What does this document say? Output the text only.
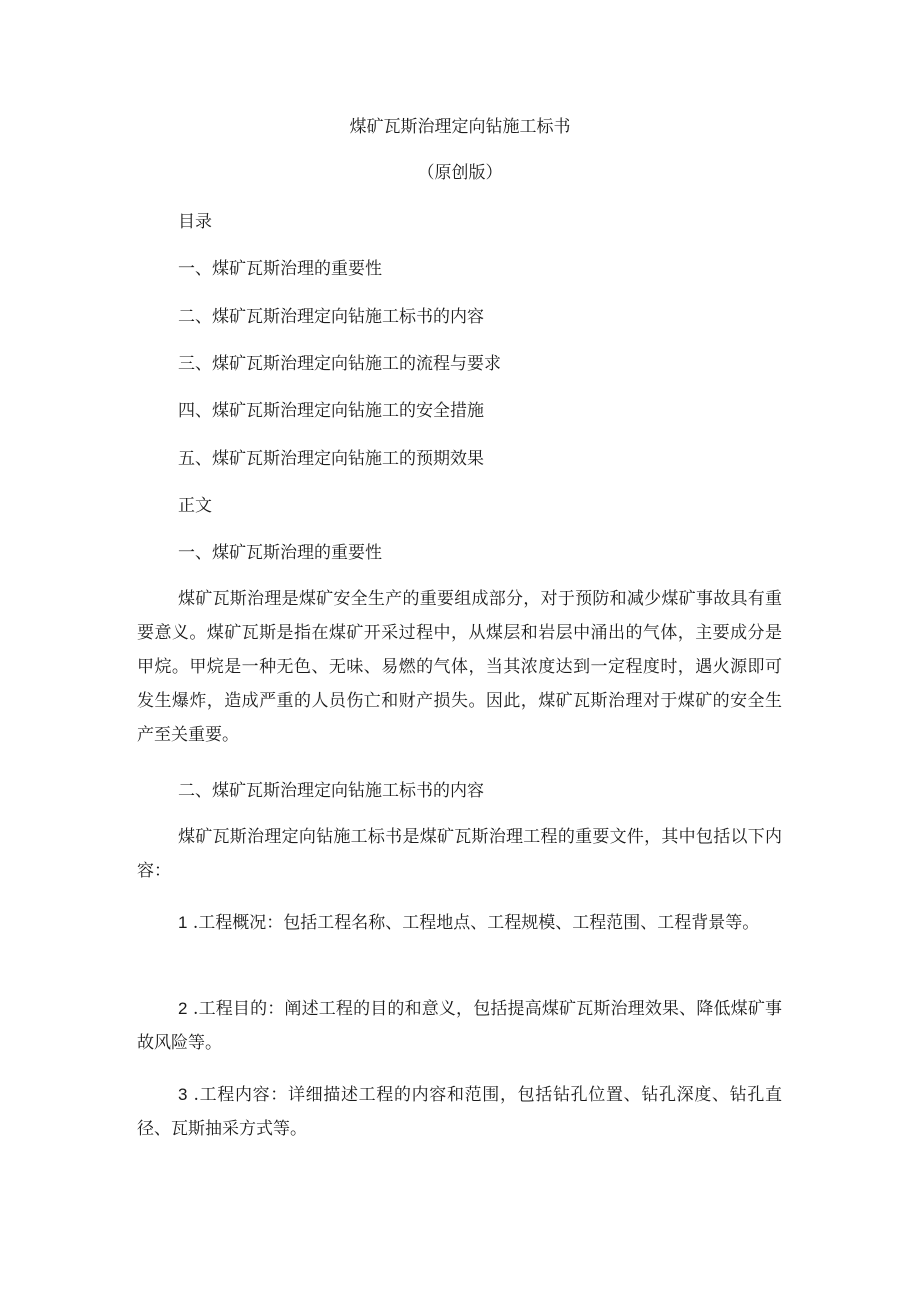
煤矿瓦斯治理定向钻施工标书
（原创版）
目录
一、煤矿瓦斯治理的重要性
二、煤矿瓦斯治理定向钻施工标书的内容
三、煤矿瓦斯治理定向钻施工的流程与要求
四、煤矿瓦斯治理定向钻施工的安全措施
五、煤矿瓦斯治理定向钻施工的预期效果
正文
一、煤矿瓦斯治理的重要性
煤矿瓦斯治理是煤矿安全生产的重要组成部分，对于预防和减少煤矿事故具有重要意义。煤矿瓦斯是指在煤矿开采过程中，从煤层和岩层中涌出的气体，主要成分是甲烷。甲烷是一种无色、无味、易燃的气体，当其浓度达到一定程度时，遇火源即可发生爆炸，造成严重的人员伤亡和财产损失。因此，煤矿瓦斯治理对于煤矿的安全生产至关重要。
二、煤矿瓦斯治理定向钻施工标书的内容
煤矿瓦斯治理定向钻施工标书是煤矿瓦斯治理工程的重要文件，其中包括以下内容：
1 .工程概况：包括工程名称、工程地点、工程规模、工程范围、工程背景等。
2 .工程目的：阐述工程的目的和意义，包括提高煤矿瓦斯治理效果、降低煤矿事故风险等。
3 .工程内容：详细描述工程的内容和范围，包括钻孔位置、钻孔深度、钻孔直径、瓦斯抽采方式等。
